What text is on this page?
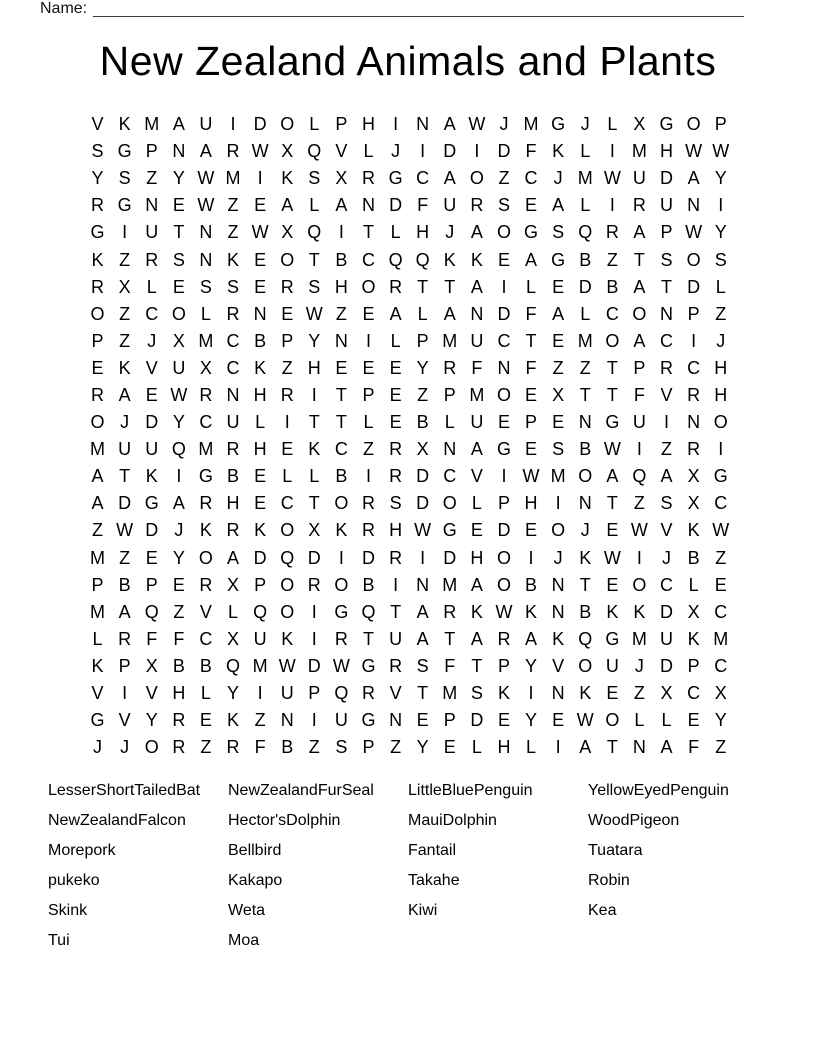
Name:
New Zealand Animals and Plants
V K M A U	I	D O L P H	I	N A W J M G J L X G O P
S G P N A R W X Q V L J	I	D	I	D F K L	I M H W W
Y S Z Y W M I	K S X R G C A O Z C J M W U D A Y
R G N E W Z E A L A N D F U R S E A L	I	R U N	I
G I	U T N Z W X Q I	T L H J A O G S Q R A P W Y
K Z R S N K E O T B C Q Q K K E A G B Z T S O S
R X L E S S E R S H O R T T A	I	L E D B A T D L
O Z C O L R N E W Z E A L A N D F A L C O N P Z
P Z J X M C B P Y N	I	L P M U C T E M O A C	I	J
E K V U X C K Z H E E E Y R F N F Z Z T P R C H
R A E W R N H R	I	T P E Z P M O E X T T F V R H
O J D Y C U L	I	T T L E B L U E P E N G U	I	N O
M U U Q M R H E K C Z R X N A G E S B W I	Z R	I
A T K	I G B E L L B	I	R D C V	I W M O A Q A X G
A D G A R H E C T O R S D O L P H	I	N T Z S X C
Z W D J K R K O X K R H W G E D E O J E W V K W
M Z E Y O A D Q D	I	D R	I	D H O I	J K W I	J B Z
P B P E R X P O R O B	I	N M A O B N T E O C L E
M A Q Z V L Q O I G Q T A R K W K N B K K D X C
L R F F C X U K	I	R T U A T A R A K Q G M U K M
K P X B B Q M W D W G R S F T P Y V O U J D P C
V	I	V H L Y	I	U P Q R V T M S K	I	N K E Z X C X
G V Y R E K Z N	I	U G N E P D E Y E W O L L E Y
J	J O R Z R F B Z S P Z Y E L H L	I	A T N A F Z
LesserShortTailedBat
NewZealandFalcon
Morepork
pukeko
Skink
Tui
NewZealandFurSeal
Hector'sDolphin
Bellbird
Kakapo
Weta
Moa
LittleBluePenguin
MauiDolphin
Fantail
Takahe
Kiwi
YellowEyedPenguin
WoodPigeon
Tuatara
Robin
Kea
